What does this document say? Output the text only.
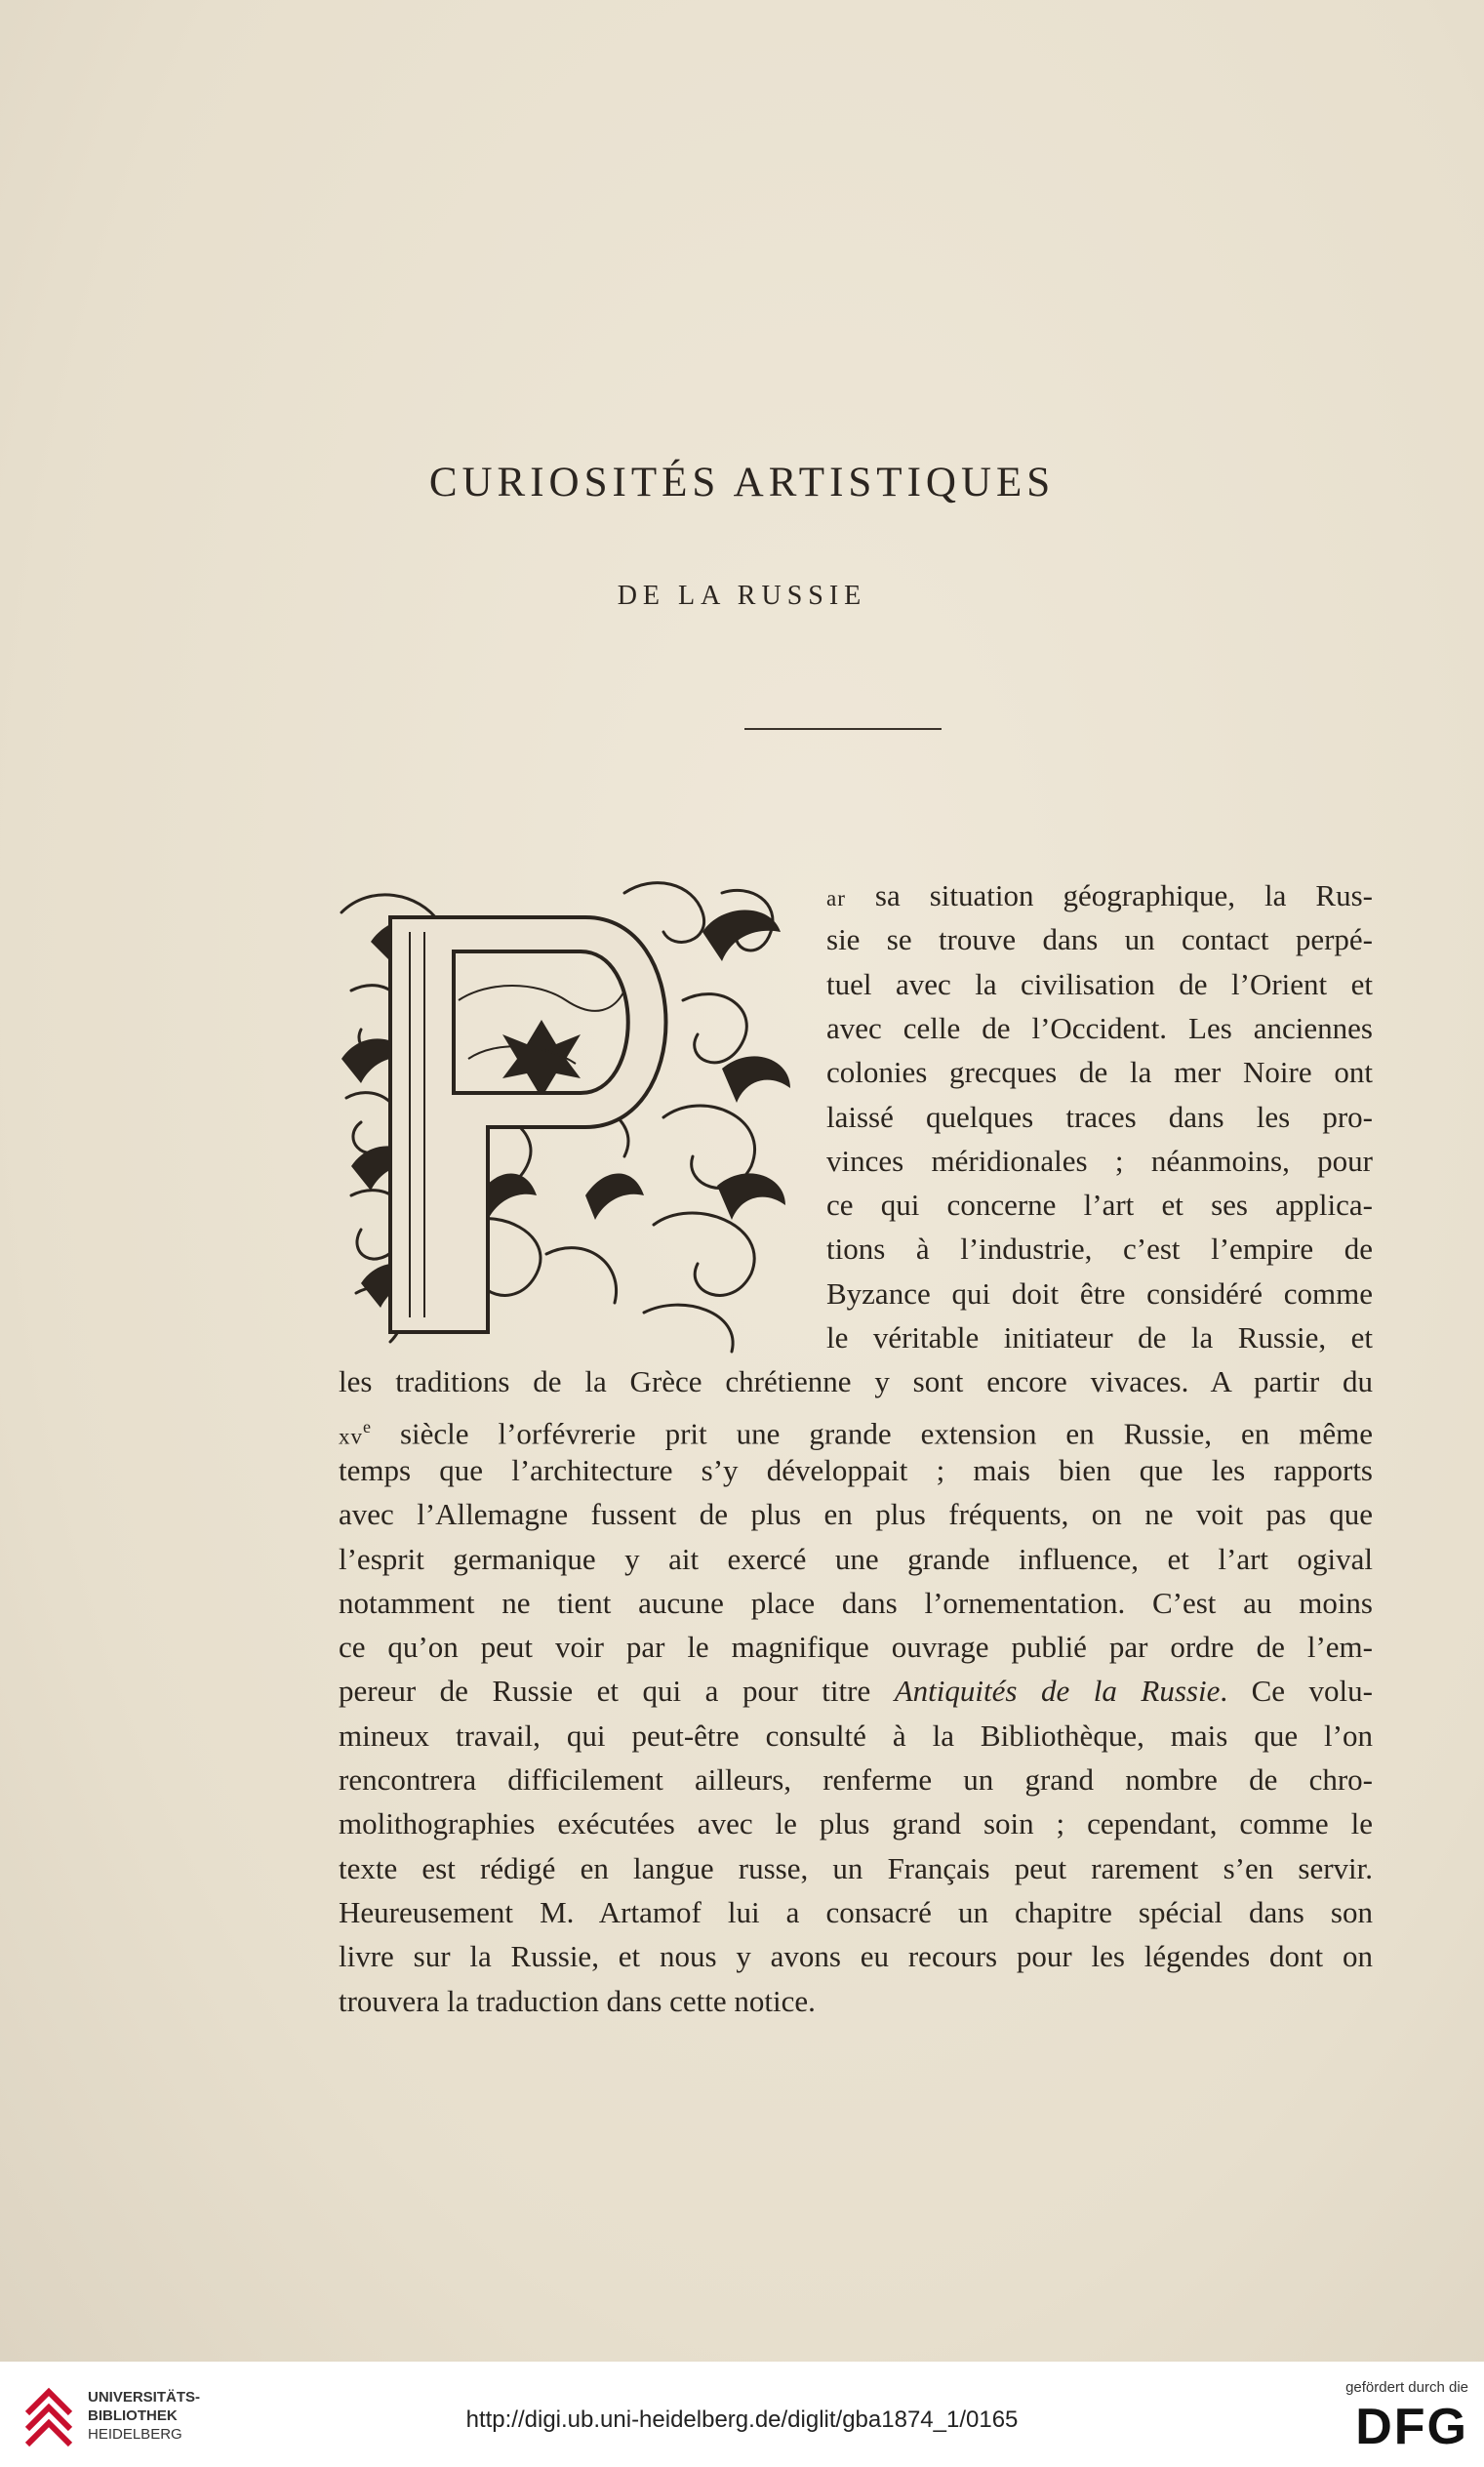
CURIOSITÉS ARTISTIQUES
DE LA RUSSIE
ar sa situation géographique, la Rus-
sie se trouve dans un contact perpé-
tuel avec la civilisation de l’Orient et
avec celle de l’Occident. Les anciennes
colonies grecques de la mer Noire ont
laissé quelques traces dans les pro-
vinces méridionales ; néanmoins, pour
ce qui concerne l’art et ses applica-
tions à l’industrie, c’est l’empire de
Byzance qui doit être considéré comme
le véritable initiateur de la Russie, et
les traditions de la Grèce chrétienne y sont encore vivaces. A partir du
$xv^e$ siècle l’orfévrerie prit une grande extension en Russie, en même
temps que l’architecture s’y développait ; mais bien que les rapports
avec l’Allemagne fussent de plus en plus fréquents, on ne voit pas que
l’esprit germanique y ait exercé une grande influence, et l’art ogival
notamment ne tient aucune place dans l’ornementation. C’est au moins
ce qu’on peut voir par le magnifique ouvrage publié par ordre de l’em-
pereur de Russie et qui a pour titre Antiquités de la Russie. Ce volu-
mineux travail, qui peut-être consulté à la Bibliothèque, mais que l’on
rencontrera difficilement ailleurs, renferme un grand nombre de chro-
molithographies exécutées avec le plus grand soin ; cependant, comme le
texte est rédigé en langue russe, un Français peut rarement s’en servir.
Heureusement M. Artamof lui a consacré un chapitre spécial dans son
livre sur la Russie, et nous y avons eu recours pour les légendes dont on
trouvera la traduction dans cette notice.
UNIVERSITÄTS-
BIBLIOTHEK
HEIDELBERG
http://digi.ub.uni-heidelberg.de/diglit/gba1874_1/0165
gefördert durch die
DFG
